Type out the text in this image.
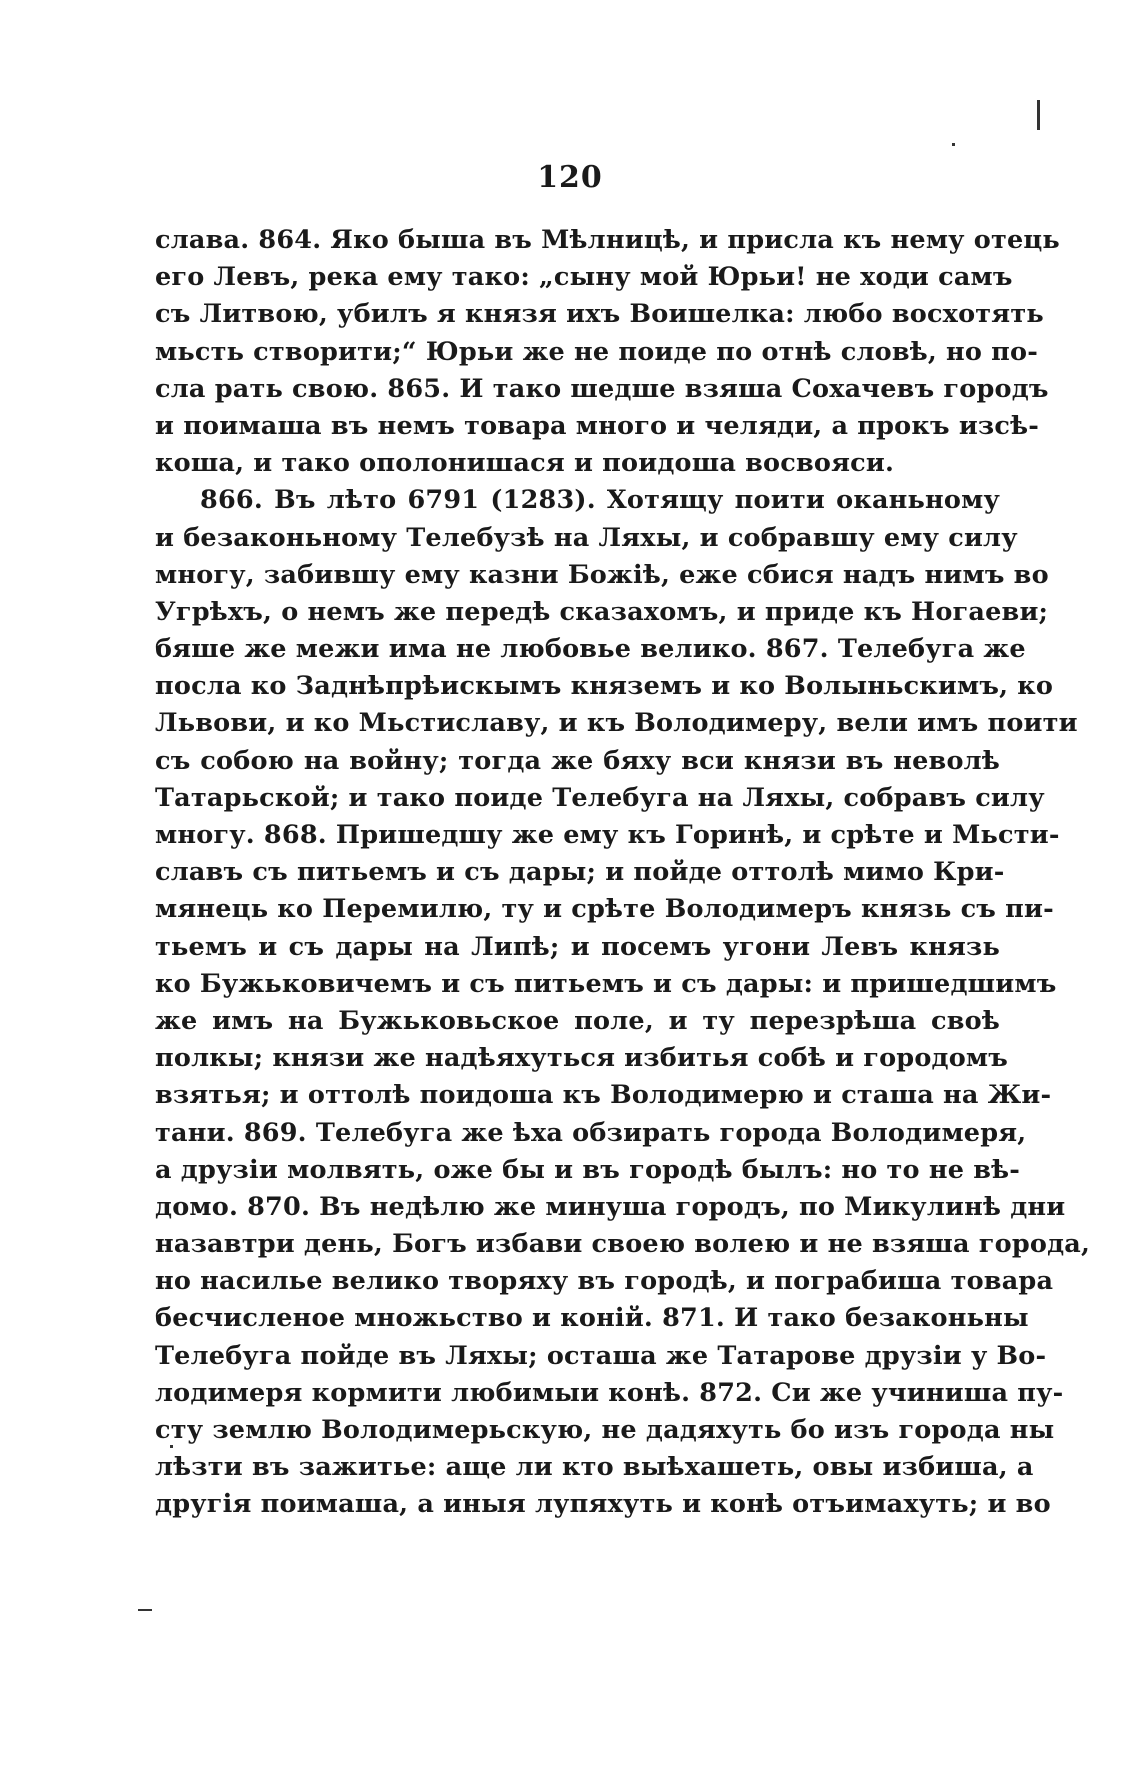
120
слава. 864. Яко быша въ Мѣлницѣ, и присла къ нему отець
его Левъ, река ему тако: „сыну мой Юрьи! не ходи самъ
съ Литвою, убилъ я князя ихъ Воишелка: любо восхотять
мьсть створити;“ Юрьи же не поиде по отнѣ словѣ, но по-
сла рать свою. 865. И тако шедше взяша Сохачевъ городъ
и поимаша въ немъ товара много и челяди, а прокъ изсѣ-
коша, и тако ополонишася и поидоша восвояси.
866. Въ лѣто 6791 (1283). Хотящу поити оканьному
и безаконьному Телебузѣ на Ляхы, и собравшу ему силу
многу, забившу ему казни Божіѣ, еже сбися надъ нимъ во
Угрѣхъ, о немъ же передѣ сказахомъ, и приде къ Ногаеви;
бяше же межи има не любовье велико. 867. Телебуга же
посла ко Заднѣпрѣискымъ княземъ и ко Волыньскимъ, ко
Львови, и ко Мьстиславу, и къ Володимеру, вели имъ поити
съ собою на войну; тогда же бяху вси князи въ неволѣ
Татарьской; и тако поиде Телебуга на Ляхы, собравъ силу
многу. 868. Пришедшу же ему къ Горинѣ, и срѣте и Мьсти-
славъ съ питьемъ и съ дары; и пойде оттолѣ мимо Кри-
мянець ко Перемилю, ту и срѣте Володимеръ князь съ пи-
тьемъ и съ дары на Липѣ; и посемъ угони Левъ князь
ко Бужьковичемъ и съ питьемъ и съ дары: и пришедшимъ
же имъ на Бужьковьское поле, и ту перезрѣша своѣ
полкы; князи же надѣяхуться избитья собѣ и городомъ
взятья; и оттолѣ поидоша къ Володимерю и сташа на Жи-
тани. 869. Телебуга же ѣха обзирать города Володимеря,
а друзіи молвять, оже бы и въ городѣ былъ: но то не вѣ-
домо. 870. Въ недѣлю же минуша городъ, по Микулинѣ дни
назавтри день, Богъ избави своею волею и не взяша города,
но насилье велико творяху въ городѣ, и пограбиша товара
бесчисленое множьство и коній. 871. И тако безаконьны
Телебуга пойде въ Ляхы; осташа же Татарове друзіи у Во-
лодимеря кормити любимыи конѣ. 872. Си же учиниша пу-
сту землю Володимерьскую, не дадяхуть бо изъ города ны
лѣзти въ зажитье: аще ли кто выѣхашеть, овы избиша, а
другія поимаша, а иныя лупяхуть и конѣ отъимахуть; и во
